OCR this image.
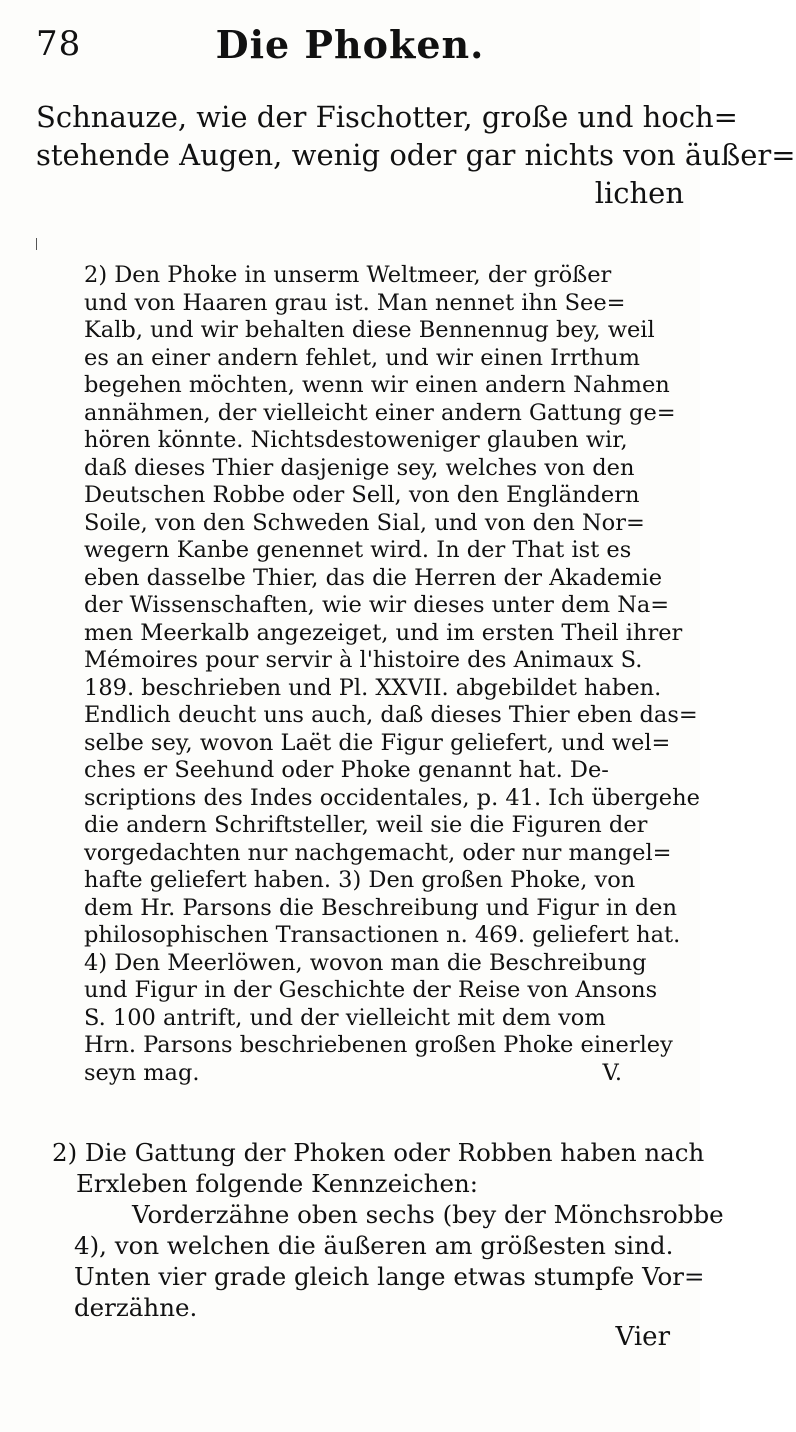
78	Die Phoken.
Schnauze, wie der Fischotter, große und hoch=
stehende Augen, wenig oder gar nichts von äußer=
lichen
2) Den Phoke in unserm Weltmeer, der größer
und von Haaren grau ist. Man nennet ihn See=
Kalb, und wir behalten diese Bennennug bey, weil
es an einer andern fehlet, und wir einen Irrthum
begehen möchten, wenn wir einen andern Nahmen
annähmen, der vielleicht einer andern Gattung ge=
hören könnte. Nichtsdestoweniger glauben wir,
daß dieses Thier dasjenige sey, welches von den
Deutschen Robbe oder Sell, von den Engländern
Soile, von den Schweden Sial, und von den Nor=
wegern Kanbe genennet wird. In der That ist es
eben dasselbe Thier, das die Herren der Akademie
der Wissenschaften, wie wir dieses unter dem Na=
men Meerkalb angezeiget, und im ersten Theil ihrer
Mémoires pour servir à l'histoire des Animaux S.
189. beschrieben und Pl. XXVII. abgebildet haben.
Endlich deucht uns auch, daß dieses Thier eben das=
selbe sey, wovon Laët die Figur geliefert, und wel=
ches er Seehund oder Phoke genannt hat. De-
scriptions des Indes occidentales, p. 41. Ich übergehe
die andern Schriftsteller, weil sie die Figuren der
vorgedachten nur nachgemacht, oder nur mangel=
hafte geliefert haben. 3) Den großen Phoke, von
dem Hr. Parsons die Beschreibung und Figur in den
philosophischen Transactionen n. 469. geliefert hat.
4) Den Meerlöwen, wovon man die Beschreibung
und Figur in der Geschichte der Reise von Ansons
S. 100 antrift, und der vielleicht mit dem vom
Hrn. Parsons beschriebenen großen Phoke einerley
seyn mag.	V.
2) Die Gattung der Phoken oder Robben haben nach
Erxleben folgende Kennzeichen:
Vorderzähne oben sechs (bey der Mönchsrobbe
4), von welchen die äußeren am größesten sind.
Unten vier grade gleich lange etwas stumpfe Vor=
derzähne.
Vier
